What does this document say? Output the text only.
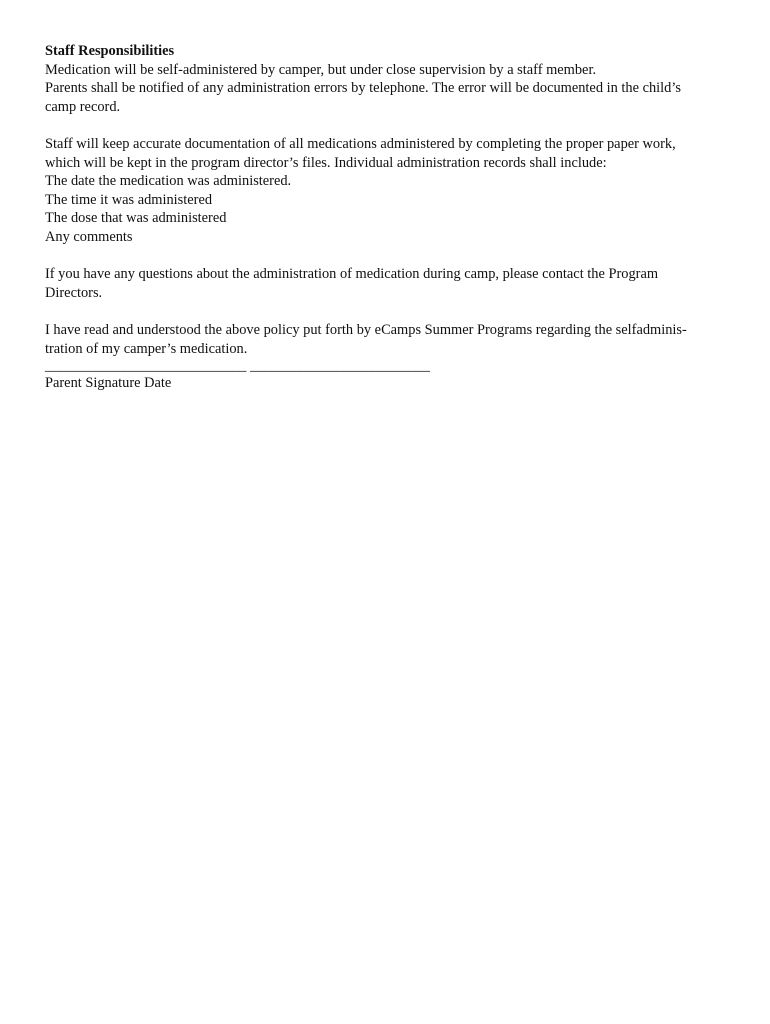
Staff Responsibilities
Medication will be self-administered by camper, but under close supervision by a staff member.
Parents shall be notified of any administration errors by telephone. The error will be documented in the child’s
camp record.
Staff will keep accurate documentation of all medications administered by completing the proper paper work,
which will be kept in the program director’s files. Individual administration records shall include:
The date the medication was administered.
The time it was administered
The dose that was administered
Any comments
If you have any questions about the administration of medication during camp, please contact the Program
Directors.
I have read and understood the above policy put forth by eCamps Summer Programs regarding the selfadminis-
tration of my camper’s medication.
____________________________ _________________________
Parent Signature Date
